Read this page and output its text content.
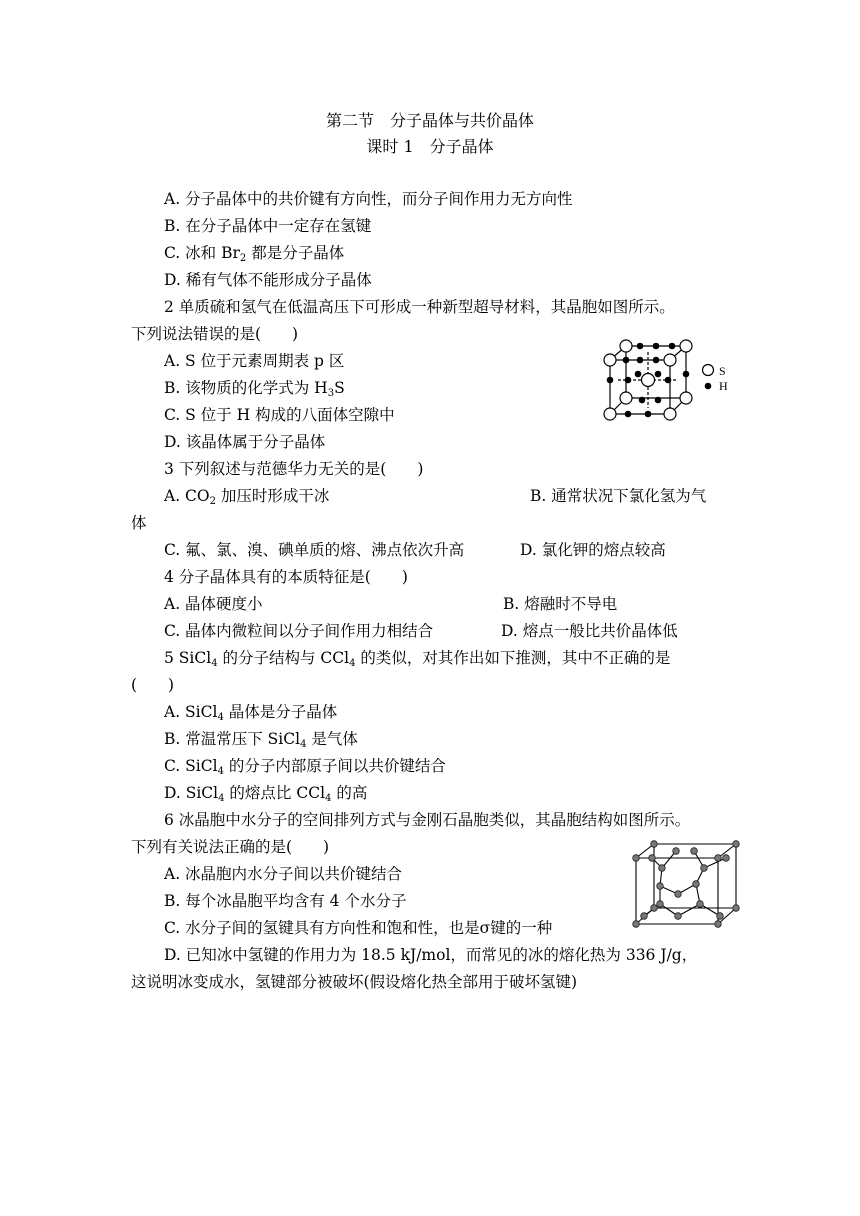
第二节　分子晶体与共价晶体
课时 1　分子晶体
A. 分子晶体中的共价键有方向性，而分子间作用力无方向性
B. 在分子晶体中一定存在氢键
C. 冰和 $Br_2$ 都是分子晶体
D. 稀有气体不能形成分子晶体
2 单质硫和氢气在低温高压下可形成一种新型超导材料，其晶胞如图所示。
下列说法错误的是(　　)
A. S 位于元素周期表 p 区
B. 该物质的化学式为 $H_3S$
C. S 位于 H 构成的八面体空隙中
D. 该晶体属于分子晶体
S
H
3 下列叙述与范德华力无关的是(　　)
A. $CO_2$ 加压时形成干冰	B. 通常状况下氯化氢为气
体
C. 氟、氯、溴、碘单质的熔、沸点依次升高	D. 氯化钾的熔点较高
4 分子晶体具有的本质特征是(　　)
A. 晶体硬度小	B. 熔融时不导电
C. 晶体内微粒间以分子间作用力相结合	D. 熔点一般比共价晶体低
5 SiCl$_4$ 的分子结构与 CCl$_4$ 的类似，对其作出如下推测，其中不正确的是
(　　)
A. SiCl$_4$ 晶体是分子晶体
B. 常温常压下 SiCl$_4$ 是气体
C. SiCl$_4$ 的分子内部原子间以共价键结合
D. SiCl$_4$ 的熔点比 CCl$_4$ 的高
6 冰晶胞中水分子的空间排列方式与金刚石晶胞类似，其晶胞结构如图所示。
下列有关说法正确的是(　　)
A. 冰晶胞内水分子间以共价键结合
B. 每个冰晶胞平均含有 4 个水分子
C. 水分子间的氢键具有方向性和饱和性，也是σ键的一种
D. 已知冰中氢键的作用力为 18.5 kJ/mol，而常见的冰的熔化热为 336 J/g，
这说明冰变成水，氢键部分被破坏(假设熔化热全部用于破坏氢键)
